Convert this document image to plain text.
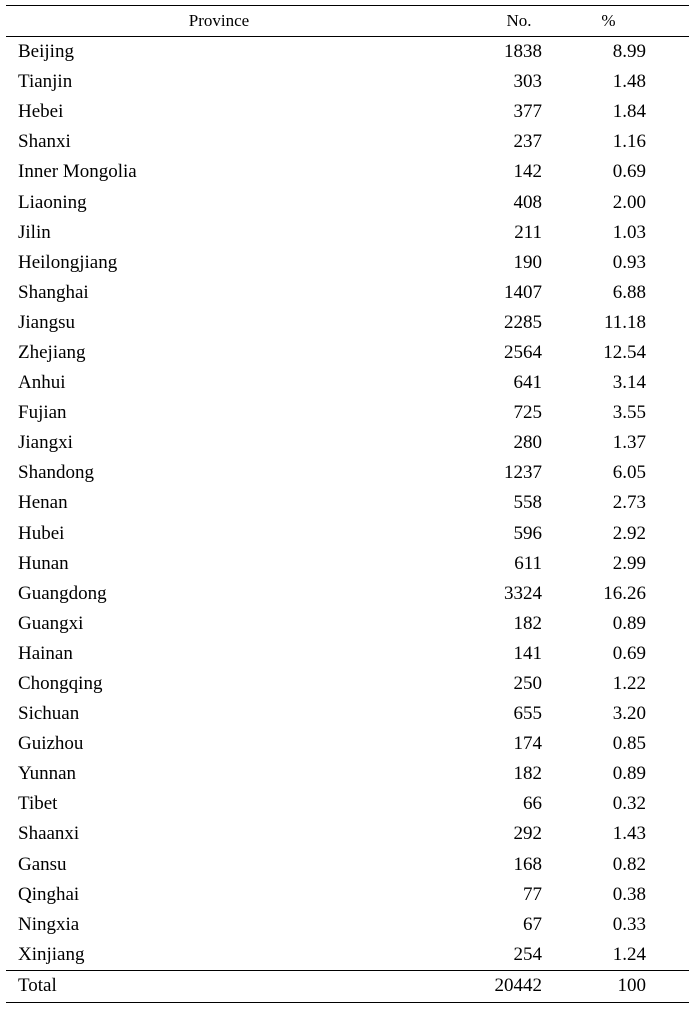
Province	No.	%
Beijing	1838	8.99
Tianjin	303	1.48
Hebei	377	1.84
Shanxi	237	1.16
Inner Mongolia	142	0.69
Liaoning	408	2.00
Jilin	211	1.03
Heilongjiang	190	0.93
Shanghai	1407	6.88
Jiangsu	2285	11.18
Zhejiang	2564	12.54
Anhui	641	3.14
Fujian	725	3.55
Jiangxi	280	1.37
Shandong	1237	6.05
Henan	558	2.73
Hubei	596	2.92
Hunan	611	2.99
Guangdong	3324	16.26
Guangxi	182	0.89
Hainan	141	0.69
Chongqing	250	1.22
Sichuan	655	3.20
Guizhou	174	0.85
Yunnan	182	0.89
Tibet	66	0.32
Shaanxi	292	1.43
Gansu	168	0.82
Qinghai	77	0.38
Ningxia	67	0.33
Xinjiang	254	1.24
Total	20442	100
